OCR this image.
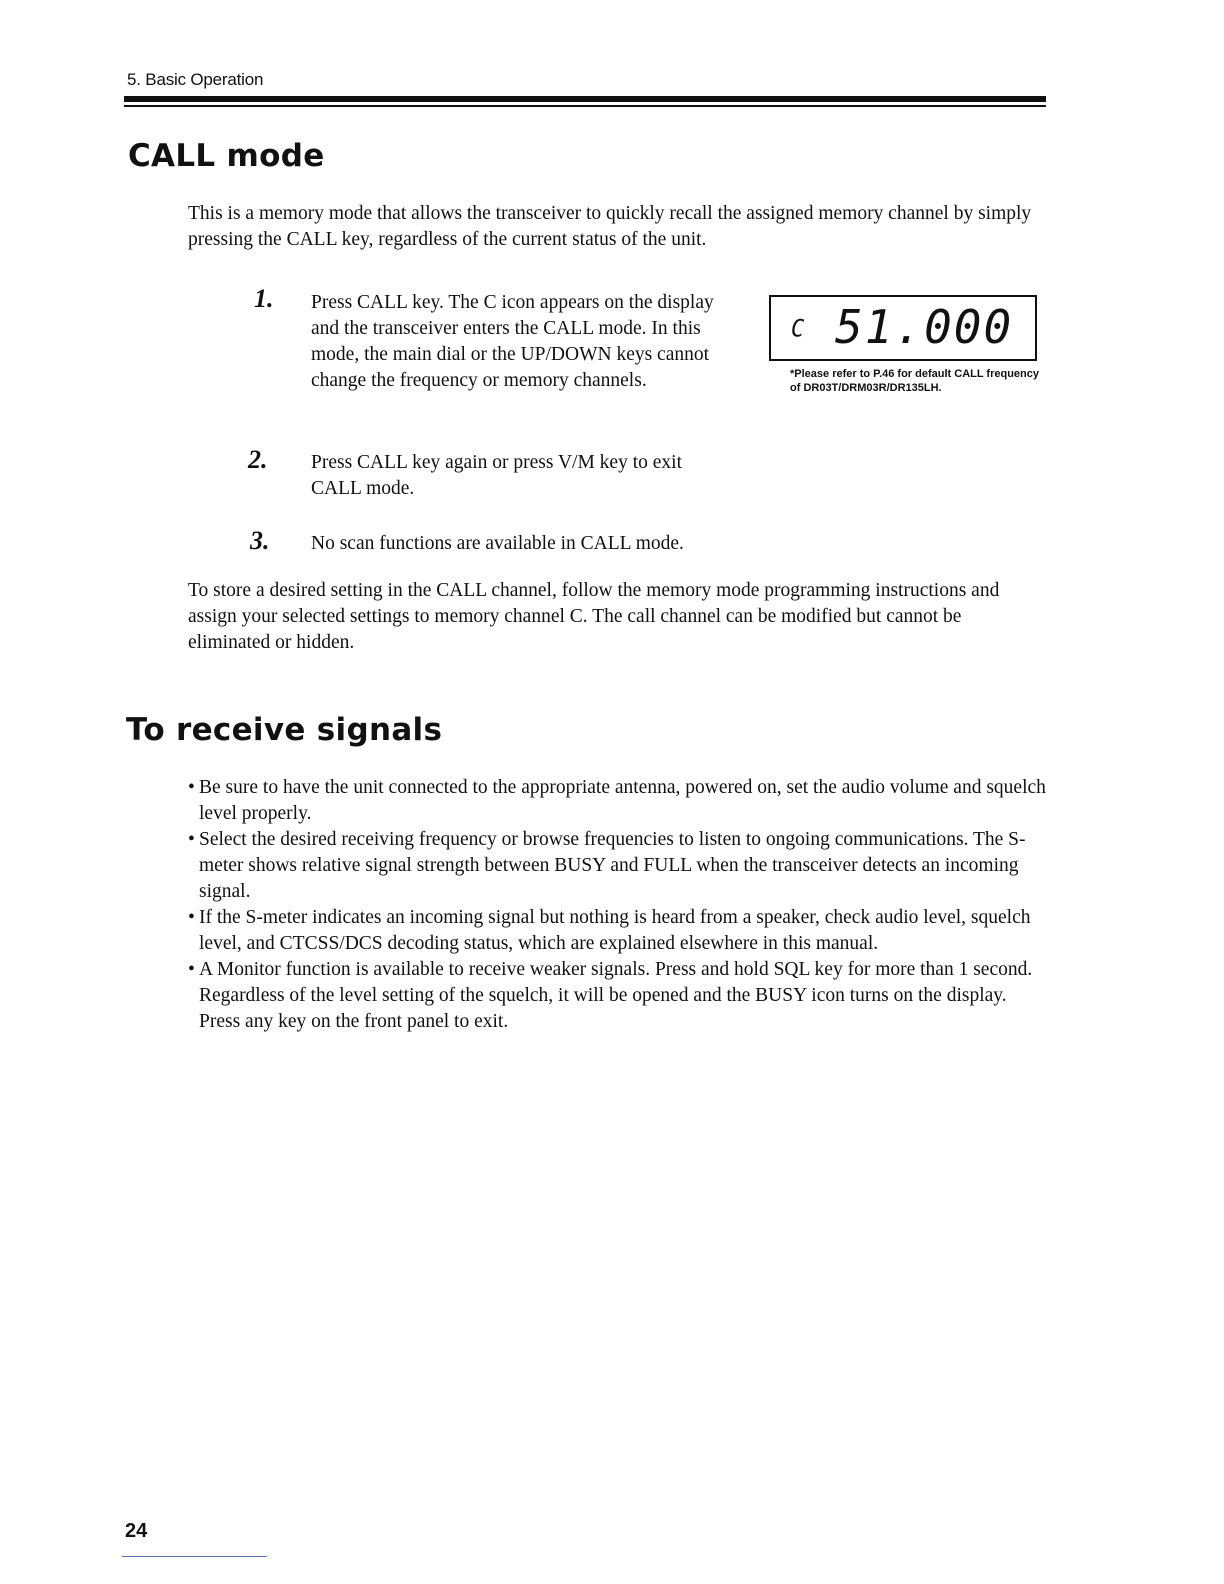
5. Basic Operation
CALL mode

This is a memory mode that allows the transceiver to quickly recall the assigned memory channel by simply pressing the CALL key, regardless of the current status of the unit.

1. Press CALL key. The C icon appears on the display and the transceiver enters the CALL mode. In this mode, the main dial or the UP/DOWN keys cannot change the frequency or memory channels.

2. Press CALL key again or press V/M key to exit CALL mode.

3. No scan functions are available in CALL mode.

C 51.000

*Please refer to P.46 for default CALL frequency of DR03T/DRM03R/DR135LH.

To store a desired setting in the CALL channel, follow the memory mode programming instructions and assign your selected settings to memory channel C. The call channel can be modified but cannot be eliminated or hidden.

To receive signals
• Be sure to have the unit connected to the appropriate antenna, powered on, set the audio volume and squelch level properly.
• Select the desired receiving frequency or browse frequencies to listen to ongoing communications. The S-meter shows relative signal strength between BUSY and FULL when the transceiver detects an incoming signal.
• If the S-meter indicates an incoming signal but nothing is heard from a speaker, check audio level, squelch level, and CTCSS/DCS decoding status, which are explained elsewhere in this manual.
• A Monitor function is available to receive weaker signals. Press and hold SQL key for more than 1 second. Regardless of the level setting of the squelch, it will be opened and the BUSY icon turns on the display. Press any key on the front panel to exit.
24
